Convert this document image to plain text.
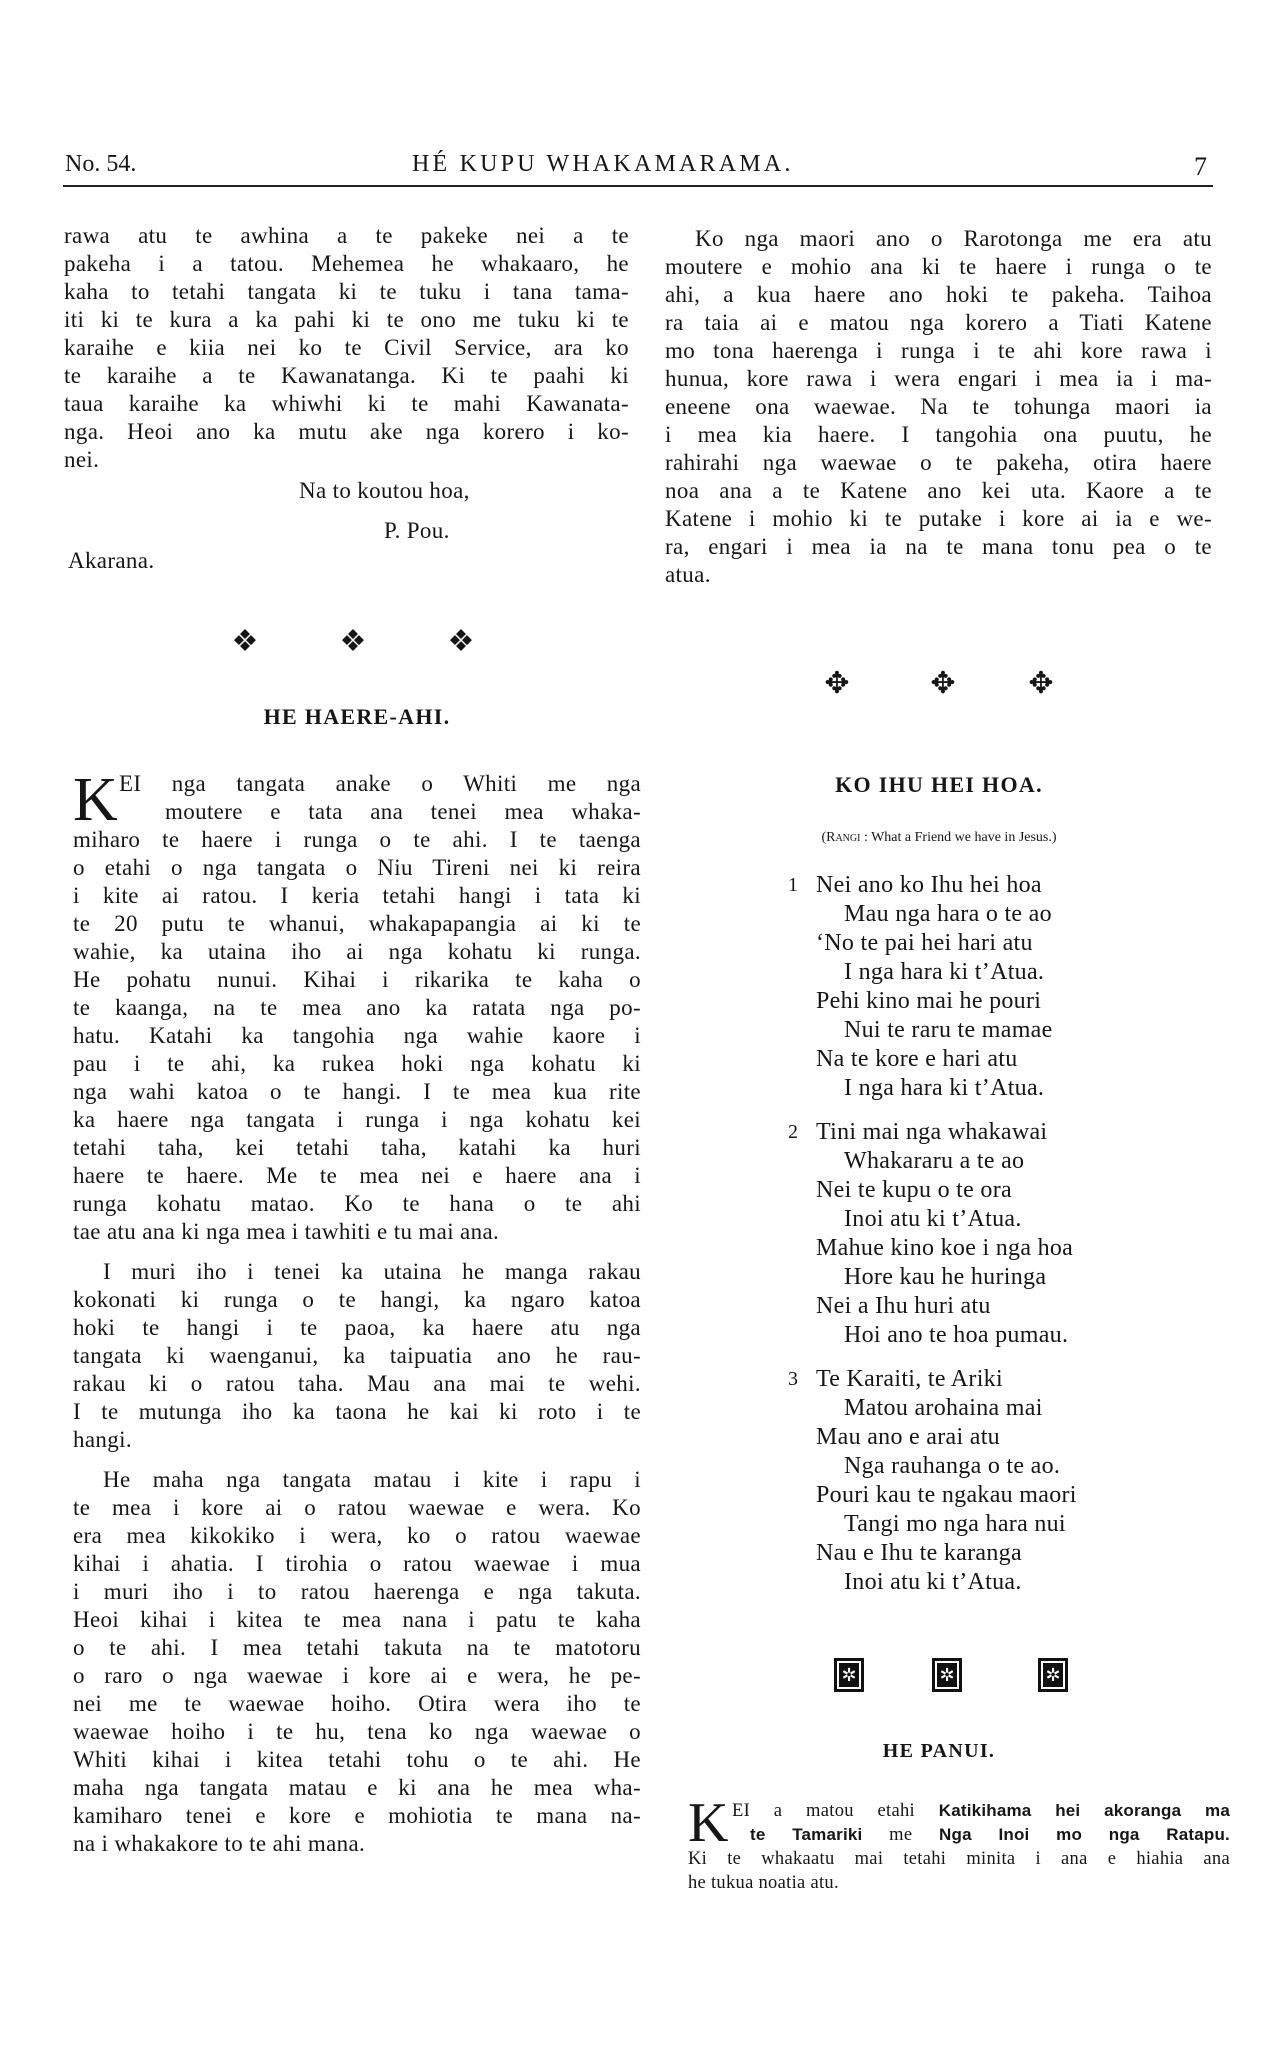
No. 54.	HÉ KUPU WHAKAMARAMA.	7
rawa atu te awhina a te pakeke nei a te
pakeha i a tatou. Mehemea he whakaaro, he
kaha to tetahi tangata ki te tuku i tana tama-
iti ki te kura a ka pahi ki te ono me tuku ki te
karaihe e kiia nei ko te Civil Service, ara ko
te karaihe a te Kawanatanga. Ki te paahi ki
taua karaihe ka whiwhi ki te mahi Kawanata-
nga. Heoi ano ka mutu ake nga korero i ko-
nei.
Na to koutou hoa,
P. Pou.
Akarana.
❖	❖	❖
HE HAERE-AHI.
K EI nga tangata anake o Whiti me nga
moutere e tata ana tenei mea whaka-
miharo te haere i runga o te ahi. I te taenga
o etahi o nga tangata o Niu Tireni nei ki reira
i kite ai ratou. I keria tetahi hangi i tata ki
te 20 putu te whanui, whakapapangia ai ki te
wahie, ka utaina iho ai nga kohatu ki runga.
He pohatu nunui. Kihai i rikarika te kaha o
te kaanga, na te mea ano ka ratata nga po-
hatu. Katahi ka tangohia nga wahie kaore i
pau i te ahi, ka rukea hoki nga kohatu ki
nga wahi katoa o te hangi. I te mea kua rite
ka haere nga tangata i runga i nga kohatu kei
tetahi taha, kei tetahi taha, katahi ka huri
haere te haere. Me te mea nei e haere ana i
runga kohatu matao. Ko te hana o te ahi
tae atu ana ki nga mea i tawhiti e tu mai ana.
I muri iho i tenei ka utaina he manga rakau
kokonati ki runga o te hangi, ka ngaro katoa
hoki te hangi i te paoa, ka haere atu nga
tangata ki waenganui, ka taipuatia ano he rau-
rakau ki o ratou taha. Mau ana mai te wehi.
I te mutunga iho ka taona he kai ki roto i te
hangi.
He maha nga tangata matau i kite i rapu i
te mea i kore ai o ratou waewae e wera. Ko
era mea kikokiko i wera, ko o ratou waewae
kihai i ahatia. I tirohia o ratou waewae i mua
i muri iho i to ratou haerenga e nga takuta.
Heoi kihai i kitea te mea nana i patu te kaha
o te ahi. I mea tetahi takuta na te matotoru
o raro o nga waewae i kore ai e wera, he pe-
nei me te waewae hoiho. Otira wera iho te
waewae hoiho i te hu, tena ko nga waewae o
Whiti kihai i kitea tetahi tohu o te ahi. He
maha nga tangata matau e ki ana he mea wha-
kamiharo tenei e kore e mohiotia te mana na-
na i whakakore to te ahi mana.
Ko nga maori ano o Rarotonga me era atu
moutere e mohio ana ki te haere i runga o te
ahi, a kua haere ano hoki te pakeha. Taihoa
ra taia ai e matou nga korero a Tiati Katene
mo tona haerenga i runga i te ahi kore rawa i
hunua, kore rawa i wera engari i mea ia i ma-
eneene ona waewae. Na te tohunga maori ia
i mea kia haere. I tangohia ona puutu, he
rahirahi nga waewae o te pakeha, otira haere
noa ana a te Katene ano kei uta. Kaore a te
Katene i mohio ki te putake i kore ai ia e we-
ra, engari i mea ia na te mana tonu pea o te
atua.
✥	✥ ✥
KO IHU HEI HOA.
(Rangi : What a Friend we have in Jesus.)
1 Nei ano ko Ihu hei hoa
Mau nga hara o te ao
‘No te pai hei hari atu
I nga hara ki t’Atua.
Pehi kino mai he pouri
Nui te raru te mamae
Na te kore e hari atu
I nga hara ki t’Atua.
2 Tini mai nga whakawai
Whakararu a te ao
Nei te kupu o te ora
Inoi atu ki t’Atua.
Mahue kino koe i nga hoa
Hore kau he huringa
Nei a Ihu huri atu
Hoi ano te hoa pumau.
3 Te Karaiti, te Ariki
Matou arohaina mai
Mau ano e arai atu
Nga rauhanga o te ao.
Pouri kau te ngakau maori
Tangi mo nga hara nui
Nau e Ihu te karanga
Inoi atu ki t’Atua.
✲	✲	✲
HE PANUI.
K EI a matou etahi Katikihama hei akoranga ma
te Tamariki me Nga Inoi mo nga Ratapu.
Ki te whakaatu mai tetahi minita i ana e hiahia ana
he tukua noatia atu.
